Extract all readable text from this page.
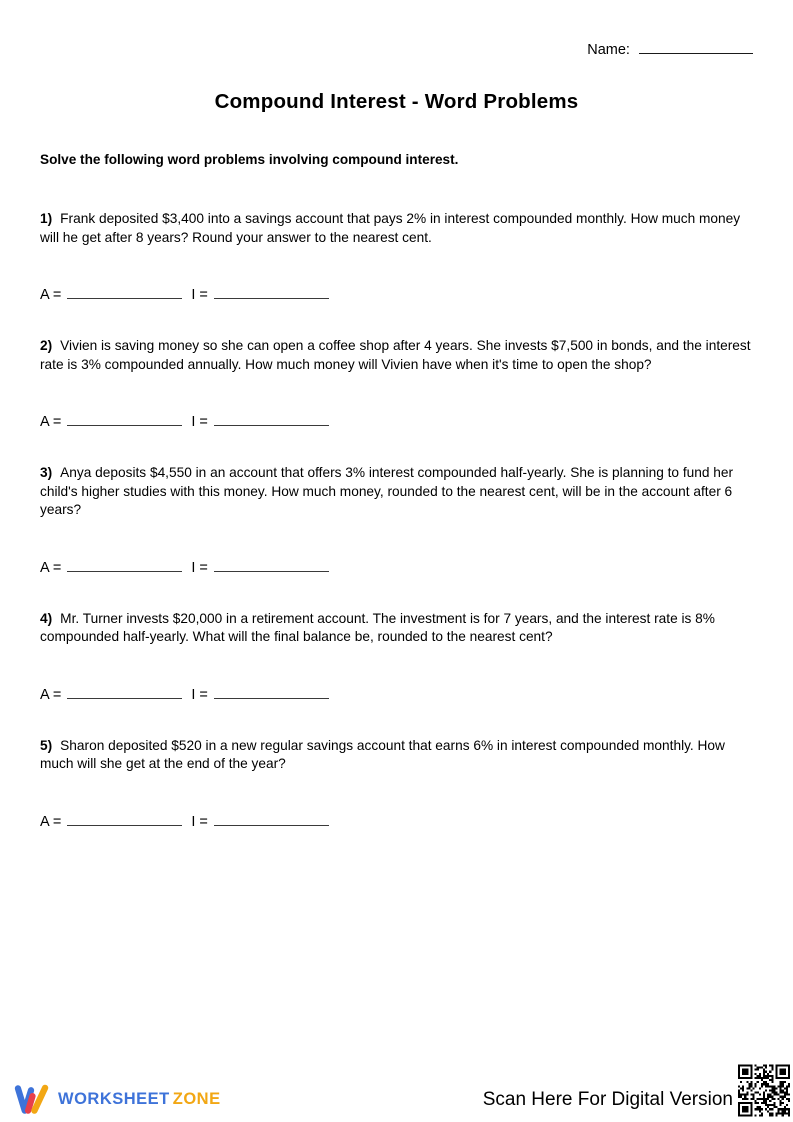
Name:
Compound Interest - Word Problems
Solve the following word problems involving compound interest.
1) Frank deposited $3,400 into a savings account that pays 2% in interest compounded monthly. How much money will he get after 8 years? Round your answer to the nearest cent.
A =	I =
2) Vivien is saving money so she can open a coffee shop after 4 years. She invests $7,500 in bonds, and the interest rate is 3% compounded annually. How much money will Vivien have when it's time to open the shop?
A =	I =
3) Anya deposits $4,550 in an account that offers 3% interest compounded half-yearly. She is planning to fund her child's higher studies with this money. How much money, rounded to the nearest cent, will be in the account after 6 years?
A =	I =
4) Mr. Turner invests $20,000 in a retirement account. The investment is for 7 years, and the interest rate is 8% compounded half-yearly. What will the final balance be, rounded to the nearest cent?
A =	I =
5) Sharon deposited $520 in a new regular savings account that earns 6% in interest compounded monthly. How much will she get at the end of the year?
A =	I =
WORKSHEET ZONE	Scan Here For Digital Version
